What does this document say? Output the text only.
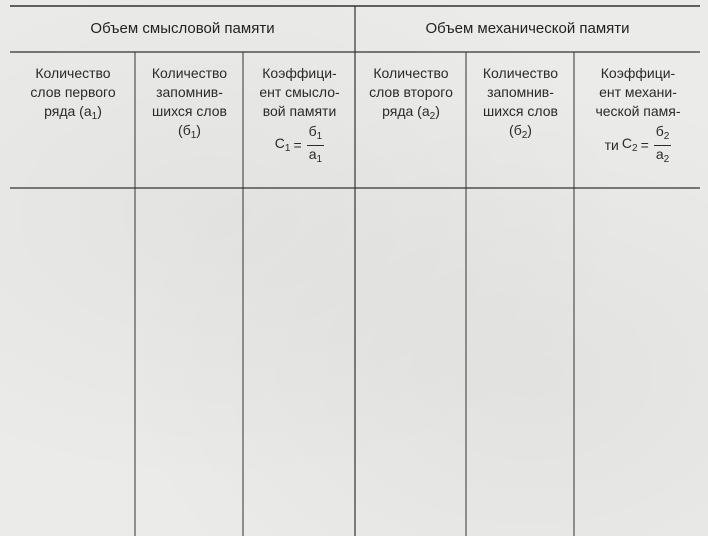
Объем смысловой памяти	Объем механической памяти
Количество
слов первого
ряда $(а_1)$
Количество
запомнив-
шихся слов
$(б_1)$
Коэффици-
ент смысло-
вой памяти
$С_1 = \frac{б_1}{а_1}$
Количество
слов второго
ряда $(а_2)$
Количество
запомнив-
шихся слов
$(б_2)$
Коэффици-
ент механи-
ческой памя-
ти $С_2 = \frac{б_2}{а_2}$
